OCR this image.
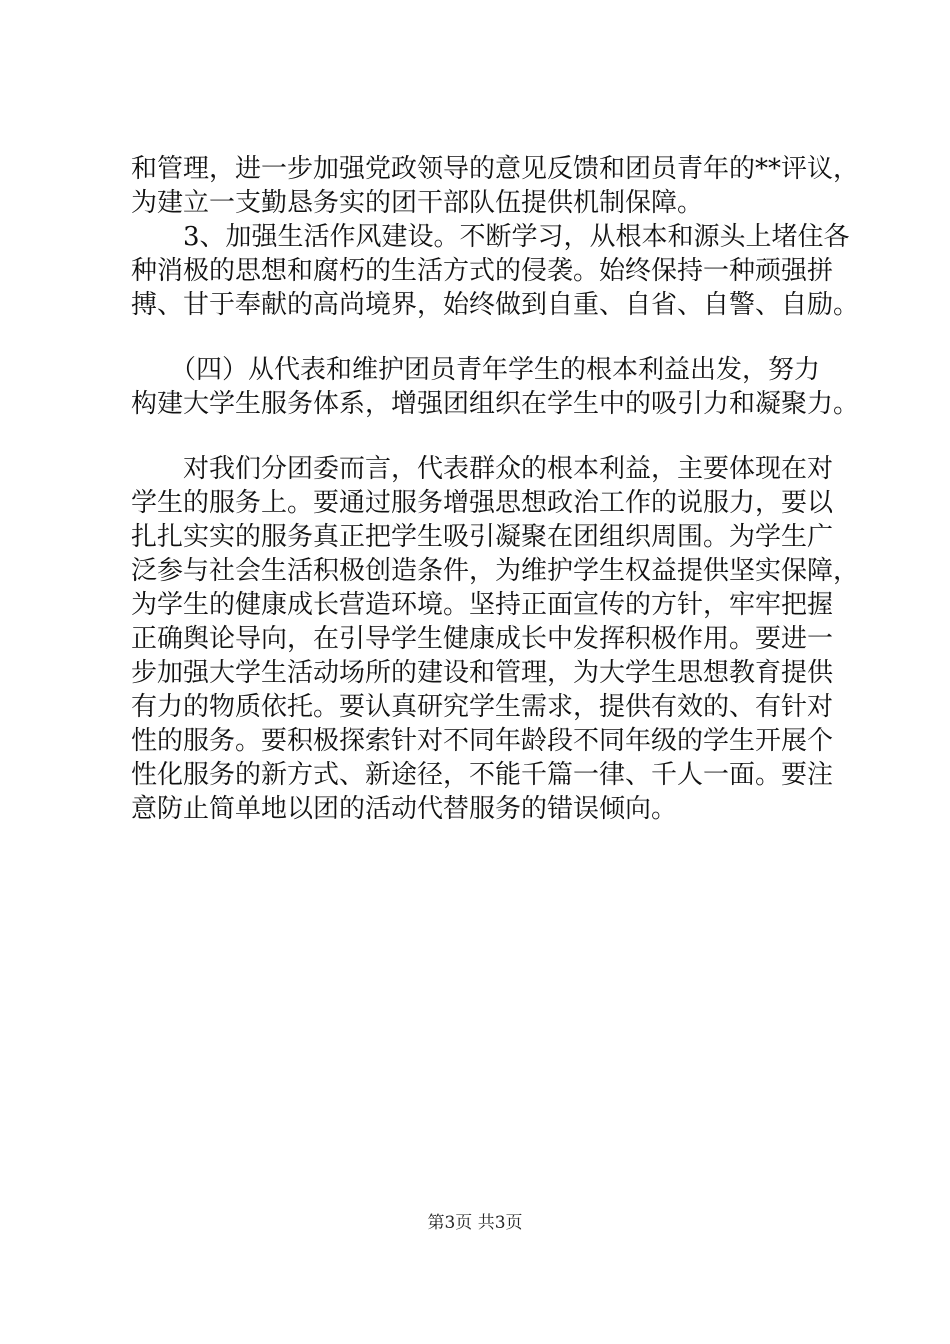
和管理，进一步加强党政领导的意见反馈和团员青年的**评议，
为建立一支勤恳务实的团干部队伍提供机制保障。
　　3、加强生活作风建设。不断学习，从根本和源头上堵住各
种消极的思想和腐朽的生活方式的侵袭。始终保持一种顽强拼
搏、甘于奉献的高尚境界，始终做到自重、自省、自警、自励。
　　（四）从代表和维护团员青年学生的根本利益出发，努力
构建大学生服务体系，增强团组织在学生中的吸引力和凝聚力。
　　对我们分团委而言，代表群众的根本利益，主要体现在对
学生的服务上。要通过服务增强思想政治工作的说服力，要以
扎扎实实的服务真正把学生吸引凝聚在团组织周围。为学生广
泛参与社会生活积极创造条件，为维护学生权益提供坚实保障，
为学生的健康成长营造环境。坚持正面宣传的方针，牢牢把握
正确舆论导向，在引导学生健康成长中发挥积极作用。要进一
步加强大学生活动场所的建设和管理，为大学生思想教育提供
有力的物质依托。要认真研究学生需求，提供有效的、有针对
性的服务。要积极探索针对不同年龄段不同年级的学生开展个
性化服务的新方式、新途径，不能千篇一律、千人一面。要注
意防止简单地以团的活动代替服务的错误倾向。
第3页 共3页
